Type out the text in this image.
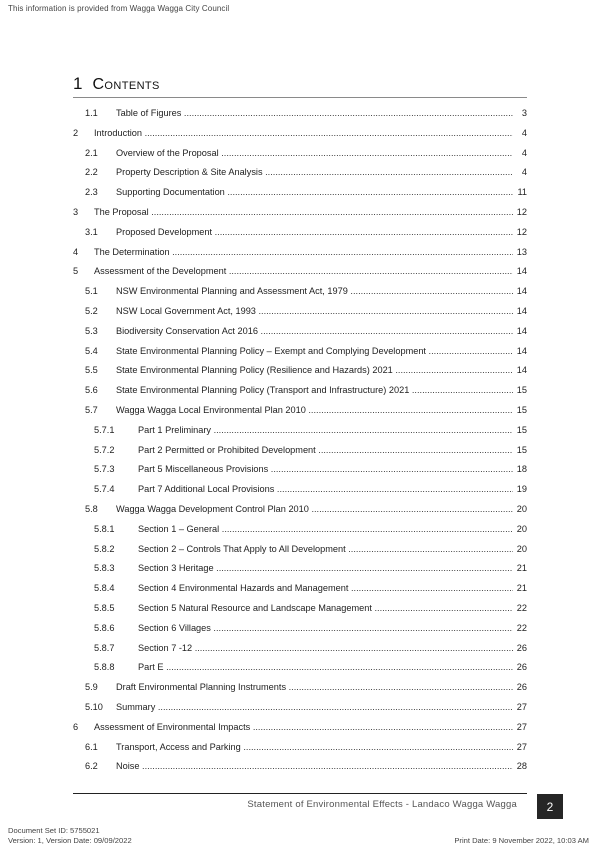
This information is provided from Wagga Wagga City Council
1 Contents
1.1 Table of Figures .....	3
2 Introduction .....	4
2.1 Overview of the Proposal .....	4
2.2 Property Description & Site Analysis .....	4
2.3 Supporting Documentation .....	11
3 The Proposal .....	12
3.1 Proposed Development .....	12
4 The Determination .....	13
5 Assessment of the Development .....	14
5.1 NSW Environmental Planning and Assessment Act, 1979 .....	14
5.2 NSW Local Government Act, 1993 .....	14
5.3 Biodiversity Conservation Act 2016 .....	14
5.4 State Environmental Planning Policy – Exempt and Complying Development .....	14
5.5 State Environmental Planning Policy (Resilience and Hazards) 2021 .....	14
5.6 State Environmental Planning Policy (Transport and Infrastructure) 2021 .....	15
5.7 Wagga Wagga Local Environmental Plan 2010 .....	15
5.7.1	Part 1 Preliminary .....	15
5.7.2	Part 2 Permitted or Prohibited Development .....	15
5.7.3	Part 5 Miscellaneous Provisions .....	18
5.7.4	Part 7 Additional Local Provisions .....	19
5.8 Wagga Wagga Development Control Plan 2010 .....	20
5.8.1	Section 1 – General .....	20
5.8.2	Section 2 – Controls That Apply to All Development .....	20
5.8.3	Section 3 Heritage .....	21
5.8.4	Section 4 Environmental Hazards and Management .....	21
5.8.5	Section 5 Natural Resource and Landscape Management .....	22
5.8.6	Section 6 Villages .....	22
5.8.7	Section 7 -12 .....	26
5.8.8	Part E .....	26
5.9 Draft Environmental Planning Instruments .....	26
5.10 Summary .....	27
6 Assessment of Environmental Impacts .....	27
6.1 Transport, Access and Parking .....	27
6.2 Noise .....	28
Statement of Environmental Effects - Landaco Wagga Wagga	2
Document Set ID: 5755021
Version: 1, Version Date: 09/09/2022	Print Date: 9 November 2022, 10:03 AM
